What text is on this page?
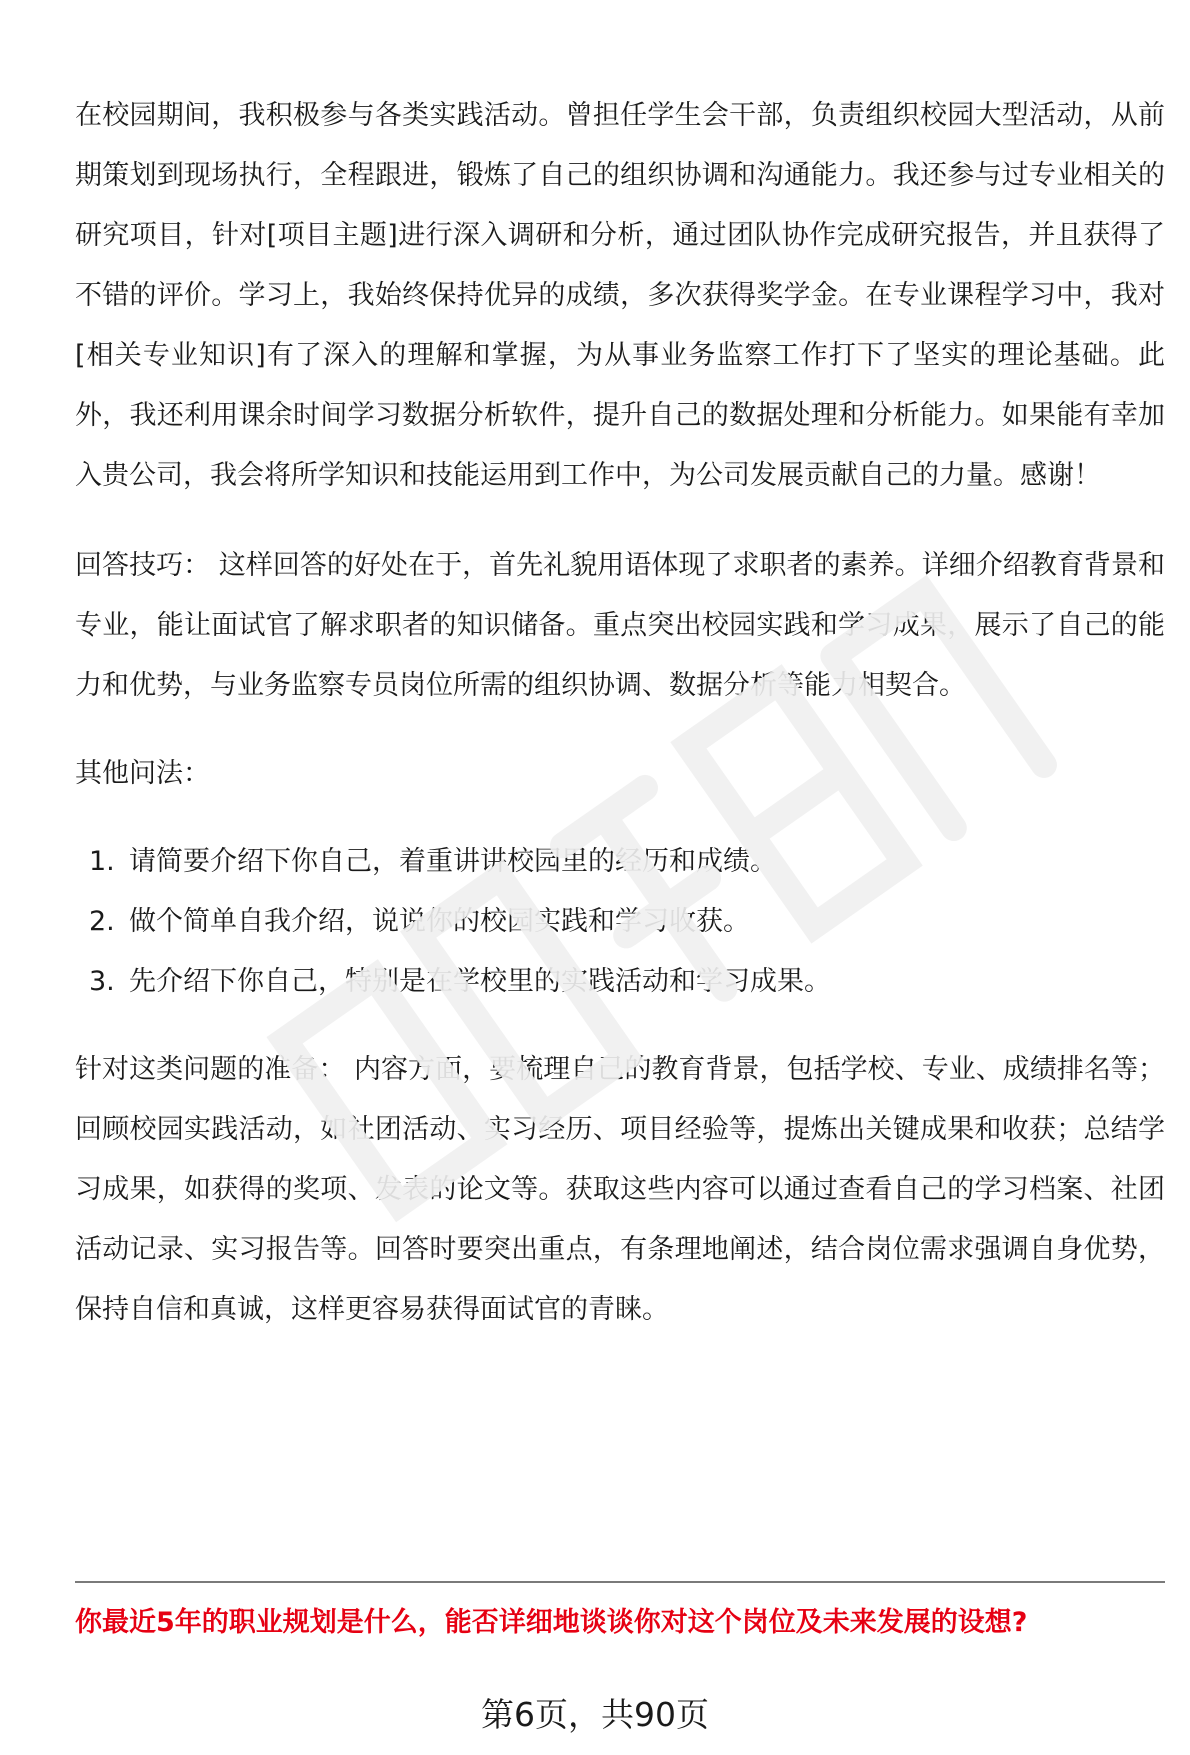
在校园期间，我积极参与各类实践活动。曾担任学生会干部，负责组织校园大型活动，从前期策划到现场执行，全程跟进，锻炼了自己的组织协调和沟通能力。我还参与过专业相关的研究项目，针对[项目主题]进行深入调研和分析，通过团队协作完成研究报告，并且获得了不错的评价。学习上，我始终保持优异的成绩，多次获得奖学金。在专业课程学习中，我对[相关专业知识]有了深入的理解和掌握，为从事业务监察工作打下了坚实的理论基础。此外，我还利用课余时间学习数据分析软件，提升自己的数据处理和分析能力。如果能有幸加入贵公司，我会将所学知识和技能运用到工作中，为公司发展贡献自己的力量。感谢！

回答技巧： 这样回答的好处在于，首先礼貌用语体现了求职者的素养。详细介绍教育背景和专业，能让面试官了解求职者的知识储备。重点突出校园实践和学习成果，展示了自己的能力和优势，与业务监察专员岗位所需的组织协调、数据分析等能力相契合。

其他问法：

1. 请简要介绍下你自己，着重讲讲校园里的经历和成绩。
2. 做个简单自我介绍，说说你的校园实践和学习收获。
3. 先介绍下你自己，特别是在学校里的实践活动和学习成果。

针对这类问题的准备： 内容方面，要梳理自己的教育背景，包括学校、专业、成绩排名等；回顾校园实践活动，如社团活动、实习经历、项目经验等，提炼出关键成果和收获；总结学习成果，如获得的奖项、发表的论文等。获取这些内容可以通过查看自己的学习档案、社团活动记录、实习报告等。回答时要突出重点，有条理地阐述，结合岗位需求强调自身优势，保持自信和真诚，这样更容易获得面试官的青睐。

你最近5年的职业规划是什么，能否详细地谈谈你对这个岗位及未来发展的设想?
第6页，共90页
